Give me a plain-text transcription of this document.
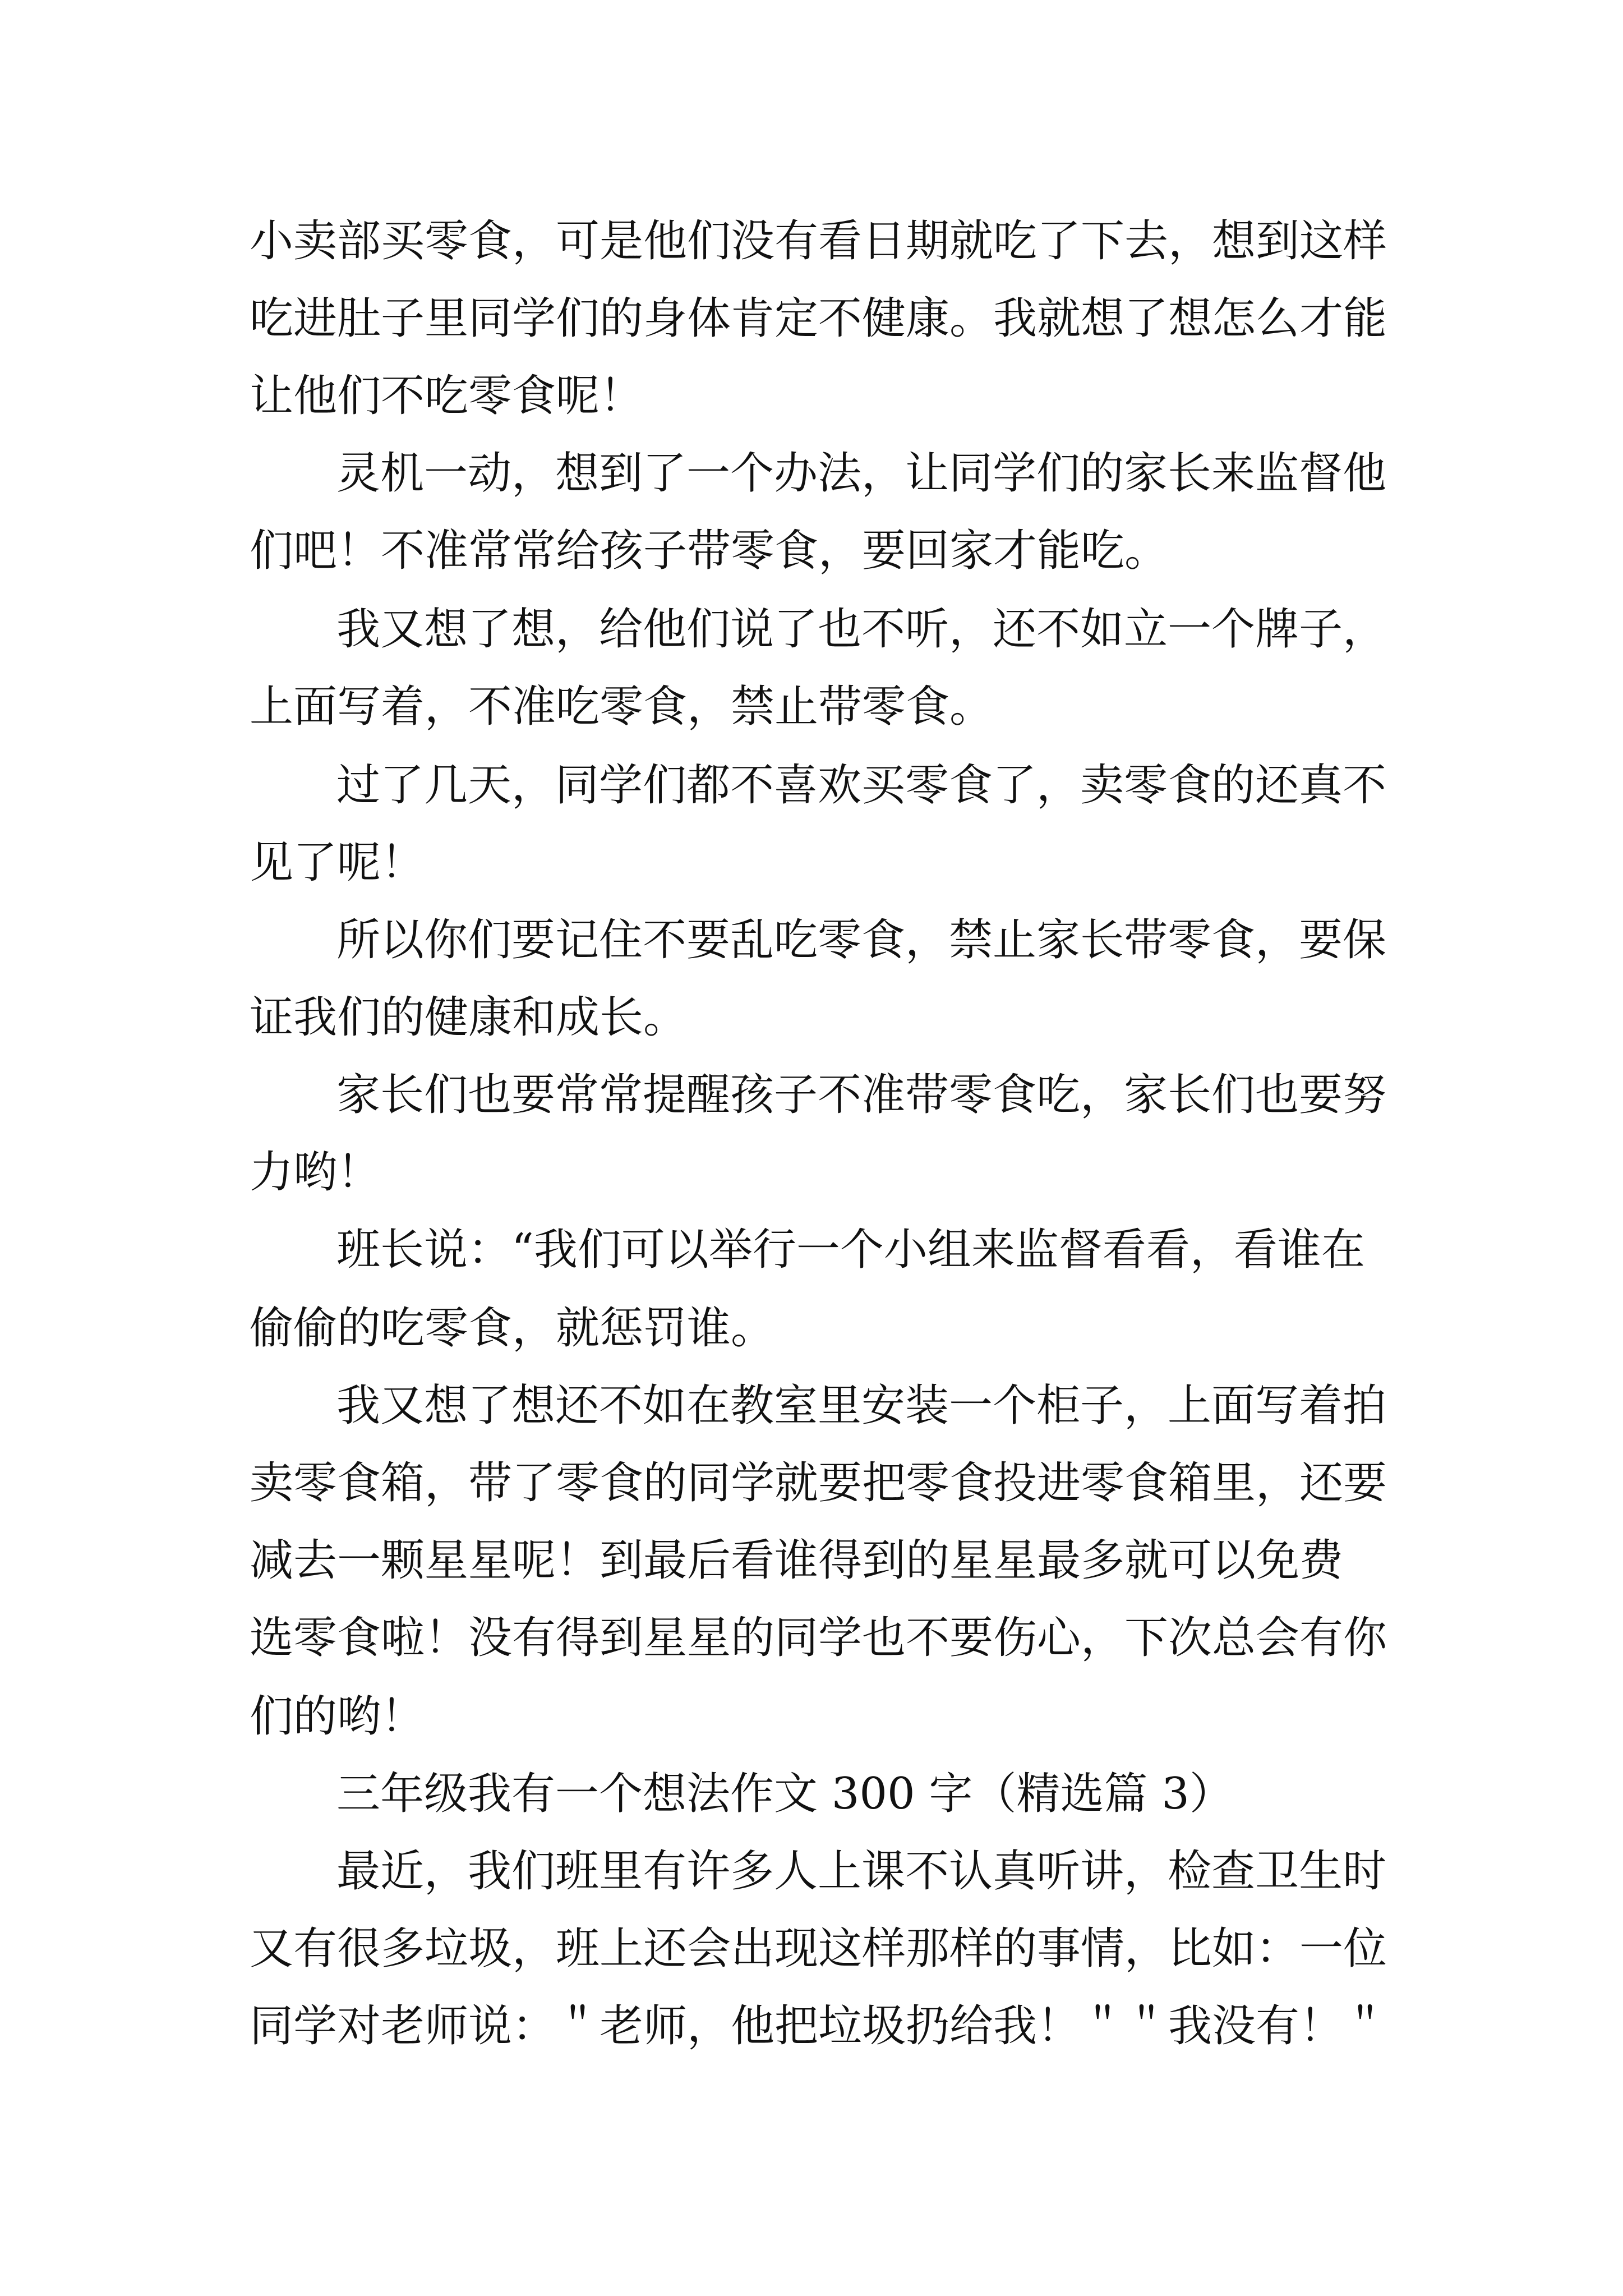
小卖部买零食，可是他们没有看日期就吃了下去，想到这样

吃进肚子里同学们的身体肯定不健康。我就想了想怎么才能

让他们不吃零食呢！

灵机一动，想到了一个办法，让同学们的家长来监督他

们吧！不准常常给孩子带零食，要回家才能吃。

我又想了想，给他们说了也不听，还不如立一个牌子，

上面写着，不准吃零食，禁止带零食。

过了几天，同学们都不喜欢买零食了，卖零食的还真不

见了呢！

所以你们要记住不要乱吃零食，禁止家长带零食，要保

证我们的健康和成长。

家长们也要常常提醒孩子不准带零食吃，家长们也要努

力哟！

班长说：“我们可以举行一个小组来监督看看，看谁在

偷偷的吃零食，就惩罚谁。

我又想了想还不如在教室里安装一个柜子，上面写着拍

卖零食箱，带了零食的同学就要把零食投进零食箱里，还要

减去一颗星星呢！到最后看谁得到的星星最多就可以免费

选零食啦！没有得到星星的同学也不要伤心，下次总会有你

们的哟！

三年级我有一个想法作文 300 字（精选篇 3）

最近，我们班里有许多人上课不认真听讲，检查卫生时

又有很多垃圾，班上还会出现这样那样的事情，比如：一位

同学对老师说：＂老师，他把垃圾扔给我！＂＂我没有！＂
